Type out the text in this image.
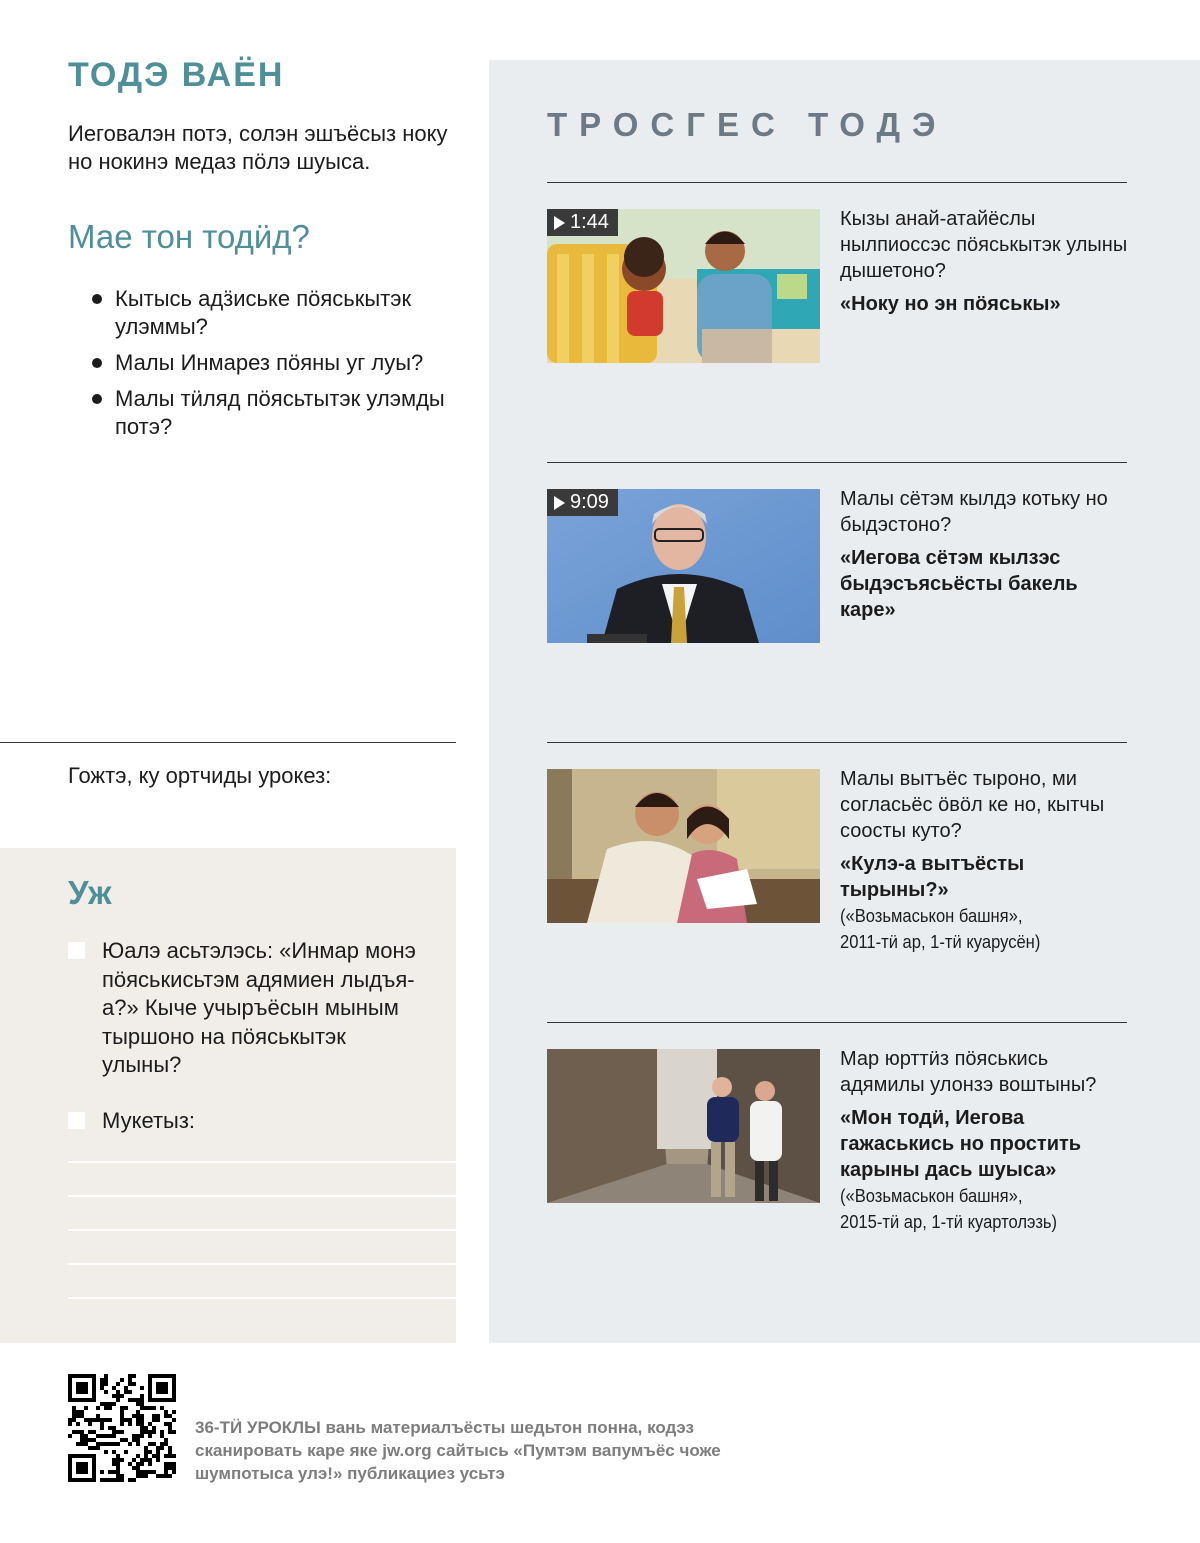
ТОДЭ ВАЁН
Иеговалэн потэ, солэн эшъёсыз ноку но нокинэ медаз пöлэ шуыса.
Мае тон тодӥд?
Кытысь адӟиське пöяськытэк улэммы?
Малы Инмарез пöяны уг луы?
Малы тӥляд пöясьтытэк улэмды потэ?
Гожтэ, ку ортчиды урокез:
Уж
Юалэ асьтэлэсь: «Инмар монэ пöяськисьтэм адямиен лыдъя-а?» Кыче учыръёсын мыным тыршоно на пöяськытэк улыны?
Мукетыз:
ТРОСГЕС ТОДЭ
1:44	Кызы анай-атайёслы нылпиоссэс пöяськытэк улыны дышетоно?
«Ноку но эн пöяськы»
9:09	Малы сётэм кылдэ котьку но быдэстоно?
«Иегова сётэм кылзэс быдэсъясьёсты бакель каре»
Малы вытъёс тыроно, ми согласьёс öвöл ке но, кытчы соосты куто?
«Кулэ-а вытъёсты тырыны?»
(«Возьмаськон башня»,
2011-тӥ ар, 1-тӥ куарусён)
Мар юрттӥз пöяськись адямилы улонзэ воштыны?
«Мон тодӥ, Иегова гажаськись но простить карыны дась шуыса»
(«Возьмаськон башня»,
2015-тӥ ар, 1-тӥ куартолэзь)
36-ТӤ УРОКЛЫ вань материалъёсты шедьтон понна, кодэз сканировать каре яке jw.org сайтысь «Пумтэм вапумъёс чоже шумпотыса улэ!» публикациез усьтэ
